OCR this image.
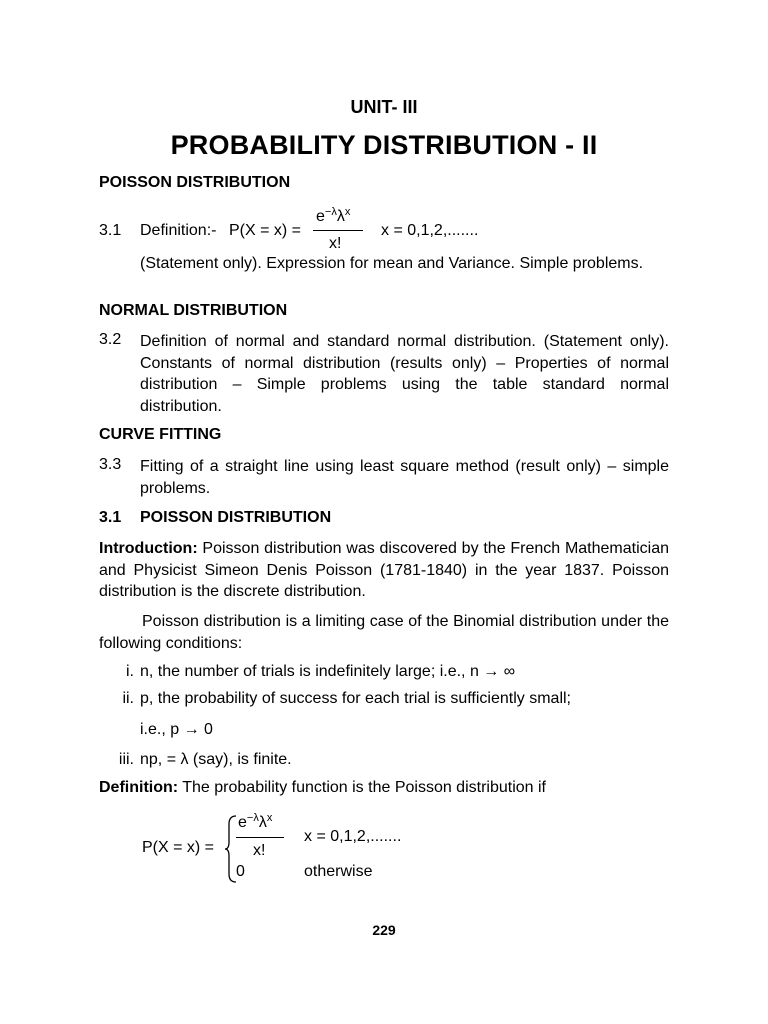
UNIT- III
PROBABILITY DISTRIBUTION - II
POISSON DISTRIBUTION
3.1 Definition:- P(X = x) =
$e^{-\lambda}\lambda^x$
x!
x = 0,1,2,.......
(Statement only). Expression for mean and Variance. Simple problems.
NORMAL DISTRIBUTION
3.2 Definition of normal and standard normal distribution. (Statement only). Constants of normal distribution (results only) – Properties of normal distribution – Simple problems using the table standard normal distribution.
CURVE FITTING
3.3 Fitting of a straight line using least square method (result only) – simple problems.
3.1 POISSON DISTRIBUTION
Introduction: Poisson distribution was discovered by the French Mathematician and Physicist Simeon Denis Poisson (1781-1840) in the year 1837. Poisson distribution is the discrete distribution.
Poisson distribution is a limiting case of the Binomial distribution under the following conditions:
i. n, the number of trials is indefinitely large; i.e., n → ∞
ii. p, the probability of success for each trial is sufficiently small;
i.e., p → 0
iii. np, = λ (say), is finite.
Definition: The probability function is the Poisson distribution if
P(X = x) =
$e^{-\lambda}\lambda^x$
x!
x = 0,1,2,.......
0	otherwise
229
